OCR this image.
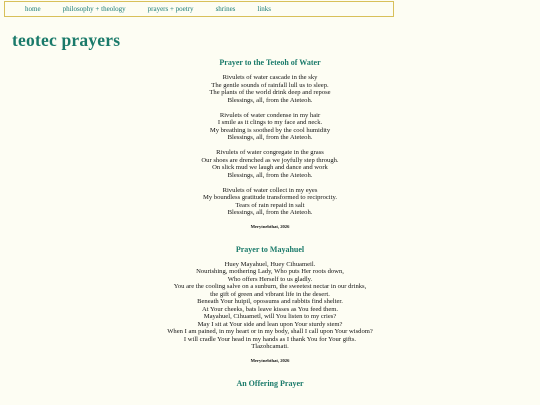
home	philosophy + theology	prayers + poetry	shrines	links
teotec prayers
Prayer to the Teteoh of Water

Rivulets of water cascade in the sky
The gentle sounds of rainfall lull us to sleep.
The plants of the world drink deep and repose
Blessings, all, from the Ateteoh.

Rivulets of water condense in my hair
I smile as it clings to my face and neck.
My breathing is soothed by the cool humidity
Blessings, all, from the Ateteoh.

Rivulets of water congregate in the grass
Our shoes are drenched as we joyfully step through.
On slick mud we laugh and dance and work
Blessings, all, from the Ateteoh.

Rivulets of water collect in my eyes
My boundless gratitude transformed to reciprocity.
Tears of rain repaid in salt
Blessings, all, from the Ateteoh.

Merytnebthat, 2026

Prayer to Mayahuel

Huey Mayahuel, Huey Cihuameil.
Nourishing, mothering Lady, Who puts Her roots down,
Who offers Herself to us gladly.
You are the cooling salve on a sunburn, the sweetest nectar in our drinks,
the gift of green and vibrant life in the desert.
Beneath Your huipil, opossums and rabbits find shelter.
At Your cheeks, bats leave kisses as You feed them.
Mayahuel, Cihuametl, will You listen to my cries?
May I sit at Your side and lean upon Your sturdy stem?
When I am pained, in my heart or in my body, shall I call upon Your wisdom?
I will cradle Your head in my hands as I thank You for Your gifts.
Tlazohcamati.

Merytnebthat, 2026

An Offering Prayer
